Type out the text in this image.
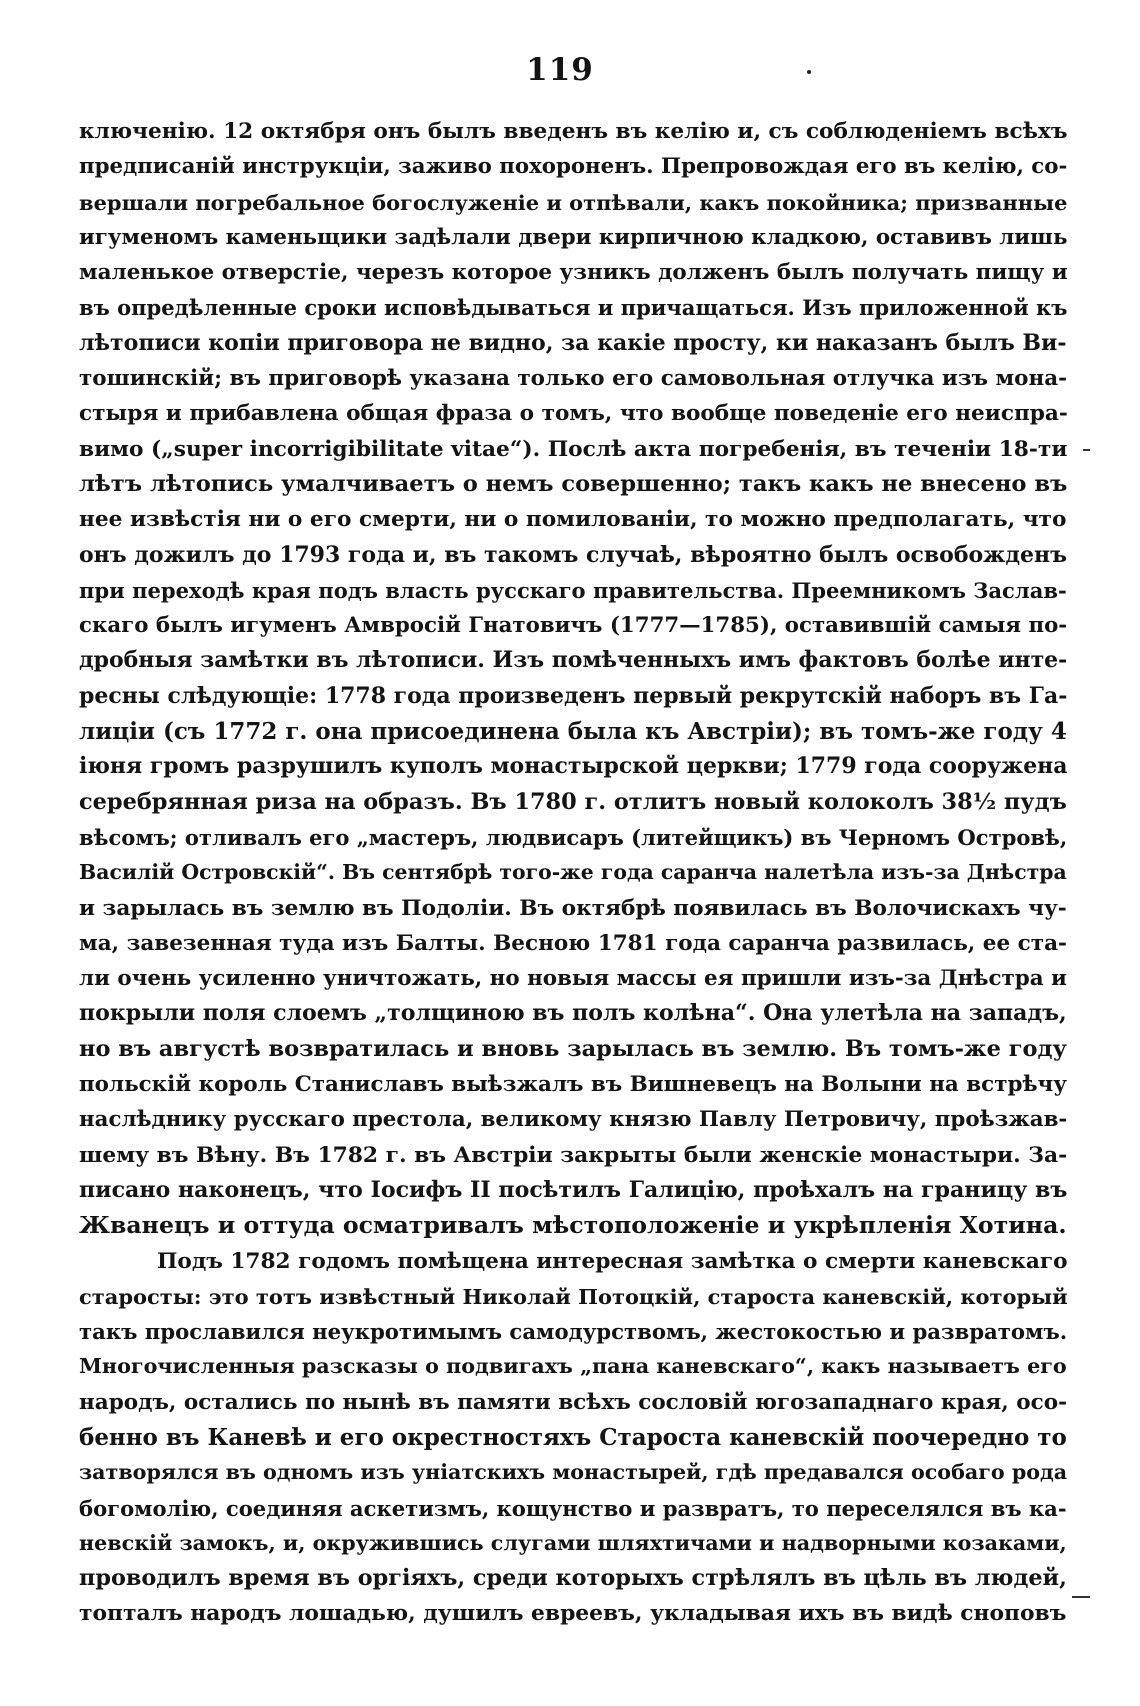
119
ключенію. 12 октября онъ былъ введенъ въ келію и, съ соблюденіемъ всѣхъ
предписаній инструкціи, заживо похороненъ. Препровождая его въ келію, со-
вершали погребальное богослуженіе и отпѣвали, какъ покойника; призванные
игуменомъ каменьщики задѣлали двери кирпичною кладкою, оставивъ лишь
маленькое отверстіе, черезъ которое узникъ долженъ былъ получать пищу и
въ опредѣленные сроки исповѣдываться и причащаться. Изъ приложенной къ
лѣтописи копіи приговора не видно, за какіе просту, ки наказанъ былъ Ви-
тошинскій; въ приговорѣ указана только его самовольная отлучка изъ мона-
стыря и прибавлена общая фраза о томъ, что вообще поведеніе его неиспра-
вимо („super incorrigibilitate vitae“). Послѣ акта погребенія, въ теченіи 18-ти
лѣтъ лѣтопись умалчиваетъ о немъ совершенно; такъ какъ не внесено въ
нее извѣстія ни о его смерти, ни о помилованіи, то можно предполагать, что
онъ дожилъ до 1793 года и, въ такомъ случаѣ, вѣроятно былъ освобожденъ
при переходѣ края подъ власть русскаго правительства. Преемникомъ Заслав-
скаго былъ игуменъ Амвросій Гнатовичъ (1777—1785), оставившій самыя по-
дробныя замѣтки въ лѣтописи. Изъ помѣченныхъ имъ фактовъ болѣе инте-
ресны слѣдующіе: 1778 года произведенъ первый рекрутскій наборъ въ Га-
лиціи (съ 1772 г. она присоединена была къ Австріи); въ томъ-же году 4
іюня громъ разрушилъ куполъ монастырской церкви; 1779 года сооружена
серебрянная риза на образъ. Въ 1780 г. отлитъ новый колоколъ 38½ пудъ
вѣсомъ; отливалъ его „мастеръ, людвисаръ (литейщикъ) въ Черномъ Островѣ,
Василій Островскій“. Въ сентябрѣ того-же года саранча налетѣла изъ-за Днѣстра
и зарылась въ землю въ Подоліи. Въ октябрѣ появилась въ Волочискахъ чу-
ма, завезенная туда изъ Балты. Весною 1781 года саранча развилась, ее ста-
ли очень усиленно уничтожать, но новыя массы ея пришли изъ-за Днѣстра и
покрыли поля слоемъ „толщиною въ полъ колѣна“. Она улетѣла на западъ,
но въ августѣ возвратилась и вновь зарылась въ землю. Въ томъ-же году
польскій король Станиславъ выѣзжалъ въ Вишневецъ на Волыни на встрѣчу
наслѣднику русскаго престола, великому князю Павлу Петровичу, проѣзжав-
шему въ Вѣну. Въ 1782 г. въ Австріи закрыты были женскіе монастыри. За-
писано наконецъ, что Іосифъ II посѣтилъ Галицію, проѣхалъ на границу въ
Жванецъ и оттуда осматривалъ мѣстоположеніе и укрѣпленія Хотина.
Подъ 1782 годомъ помѣщена интересная замѣтка о смерти каневскаго
старосты: это тотъ извѣстный Николай Потоцкій, староста каневскій, который
такъ прославился неукротимымъ самодурствомъ, жестокостью и развратомъ.
Многочисленныя разсказы о подвигахъ „пана каневскаго“, какъ называетъ его
народъ, остались по нынѣ въ памяти всѣхъ сословій югозападнаго края, осо-
бенно въ Каневѣ и его окрестностяхъ Староста каневскій поочередно то
затворялся въ одномъ изъ уніатскихъ монастырей, гдѣ предавался особаго рода
богомолію, соединяя аскетизмъ, кощунство и развратъ, то переселялся въ ка-
невскій замокъ, и, окружившись слугами шляхтичами и надворными козаками,
проводилъ время въ оргіяхъ, среди которыхъ стрѣлялъ въ цѣль въ людей,
топталъ народъ лошадью, душилъ евреевъ, укладывая ихъ въ видѣ сноповъ
